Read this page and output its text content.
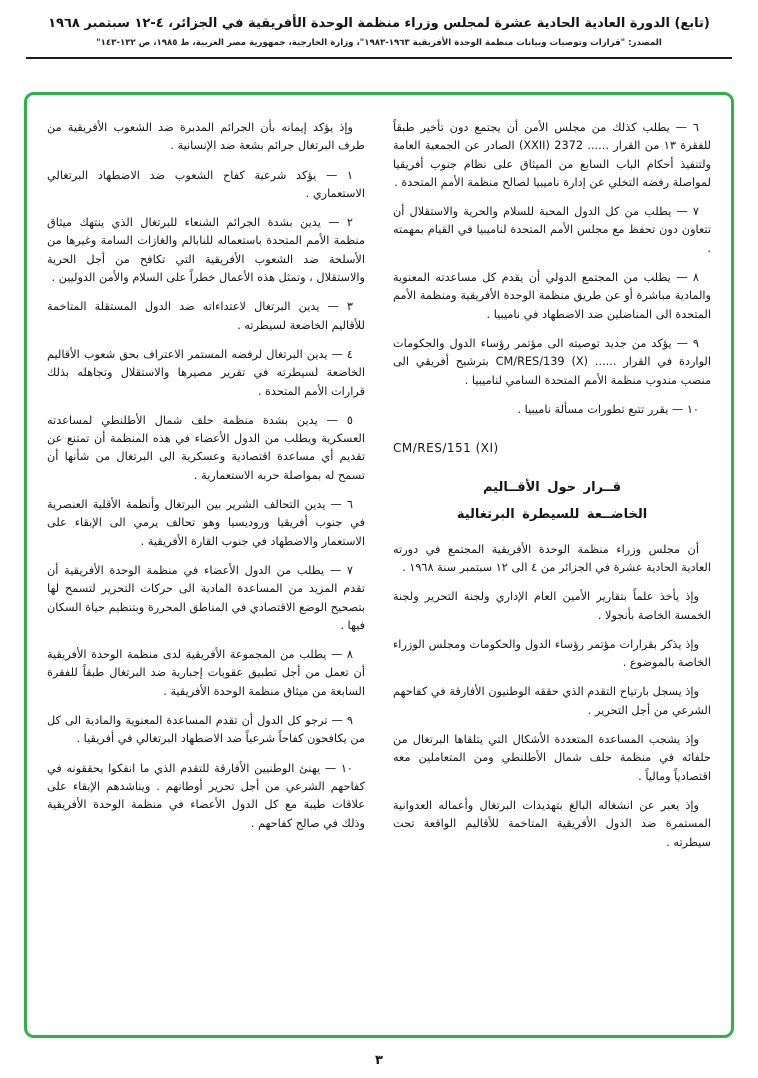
(تابع) الدورة العادية الحادية عشرة لمجلس وزراء منظمة الوحدة الأفريقية في الجزائر، ٤-١٢ سبتمبر ١٩٦٨
المصدر: "قرارات وتوصيات وبيانات منظمة الوحدة الأفريقية ١٩٦٣-١٩٨٣"، وزارة الخارجية، جمهورية مصر العربية، ط ١٩٨٥، ص ١٣٢-١٤٣"

٦ — يطلب كذلك من مجلس الأمن أن يجتمع دون تأخير طبقاً للفقرة ١٣ من القرار ...... 2372 (XXII) الصادر عن الجمعية العامة ولتنفيذ أحكام الباب السابع من الميثاق على نظام جنوب أفريقيا لمواصلة رفضه التخلي عن إدارة ناميبيا لصالح منظمة الأمم المتحدة .

٧ — يطلب من كل الدول المحبة للسلام والحرية والاستقلال أن تتعاون دون تحفظ مع مجلس الأمم المتحدة لناميبيا في القيام بمهمته .

٨ — يطلب من المجتمع الدولي أن يقدم كل مساعدته المعنوية والمادية مباشرة أو عن طريق منظمة الوحدة الأفريقية ومنظمة الأمم المتحدة الى المناضلين ضد الاضطهاد في ناميبيا .

٩ — يؤكد من جديد توصيته الى مؤتمر رؤساء الدول والحكومات الواردة في القرار ...... CM/RES/139 (X) بترشيح أفريقي الى منصب مندوب منظمة الأمم المتحدة السامي لناميبيا .

١٠ — يقرر تتبع تطورات مسألة ناميبيا .

CM/RES/151 (XI)

قــرار حول الأقــاليم

الخاضــعة للسيطرة البرتغالية

أن مجلس وزراء منظمة الوحدة الأفريقية المجتمع في دورته العادية الحادية عشرة في الجزائر من ٤ الى ١٢ سبتمبر سنة ١٩٦٨ .

وإذ يأخذ علماً بتقارير الأمين العام الإداري ولجنة التحرير ولجنة الخمسة الخاصة بأنجولا .

وإذ يذكر بقرارات مؤتمر رؤساء الدول والحكومات ومجلس الوزراء الخاصة بالموضوع .

وإذ يسجل بارتياح التقدم الذي حققه الوطنيون الأفارقة في كفاحهم الشرعي من أجل التحرير .

وإذ يشجب المساعدة المتعددة الأشكال التي يتلقاها البرتغال من حلفائه في منظمة حلف شمال الأطلنطي ومن المتعاملين معه اقتصادياً ومالياً .

وإذ يعبر عن انشغاله البالغ بتهديدات البرتغال وأعماله العدوانية المستمرة ضد الدول الأفريقية المتاخمة للأقاليم الواقعة تحت سيطرته .

وإذ يؤكد إيمانه بأن الجرائم المدبرة ضد الشعوب الأفريقية من طرف البرتغال جرائم بشعة ضد الإنسانية .

١ — يؤكد شرعية كفاح الشعوب ضد الاضطهاد البرتغالي الاستعماري .

٢ — يدين بشدة الجرائم الشنعاء للبرتغال الذي ينتهك ميثاق منظمة الأمم المتحدة باستعماله للنابالم والغازات السامة وغيرها من الأسلحة ضد الشعوب الأفريقية التي تكافح من أجل الحرية والاستقلال ، وتمثل هذه الأعمال خطراً على السلام والأمن الدوليين .

٣ — يدين البرتغال لاعتداءاته ضد الدول المستقلة المتاخمة للأقاليم الخاضعة لسيطرته .

٤ — يدين البرتغال لرفضه المستمر الاعتراف بحق شعوب الأقاليم الخاضعة لسيطرته في تقرير مصيرها والاستقلال وتجاهله بذلك قرارات الأمم المتحدة .

٥ — يدين بشدة منظمة حلف شمال الأطلنطي لمساعدته العسكرية ويطلب من الدول الأعضاء في هذه المنظمة أن تمتنع عن تقديم أي مساعدة اقتصادية وعسكرية الى البرتغال من شأنها أن تسمح له بمواصلة حربه الاستعمارية .

٦ — يدين التحالف الشرير بين البرتغال وأنظمة الأقلية العنصرية في جنوب أفريقيا وروديسيا وهو تحالف يرمي الى الإبقاء على الاستعمار والاضطهاد في جنوب القارة الأفريقية .

٧ — يطلب من الدول الأعضاء في منظمة الوحدة الأفريقية أن تقدم المزيد من المساعدة المادية الى حركات التحرير لتسمح لها بتصحيح الوضع الاقتصادي في المناطق المحررة وبتنظيم حياة السكان فيها .

٨ — يطلب من المجموعة الأفريقية لدى منظمة الوحدة الأفريقية أن تعمل من أجل تطبيق عقوبات إجبارية ضد البرتغال طبقاً للفقرة السابعة من ميثاق منظمة الوحدة الأفريقية .

٩ — ترجو كل الدول أن تقدم المساعدة المعنوية والمادية الى كل من يكافحون كفاحاً شرعياً ضد الاضطهاد البرتغالي في أفريقيا .

١٠ — يهنئ الوطنيين الأفارقة للتقدم الذي ما انفكوا يحققونه في كفاحهم الشرعي من أجل تحرير أوطانهم . ويناشدهم الإبقاء على علاقات طيبة مع كل الدول الأعضاء في منظمة الوحدة الأفريقية وذلك في صالح كفاحهم .

٣
